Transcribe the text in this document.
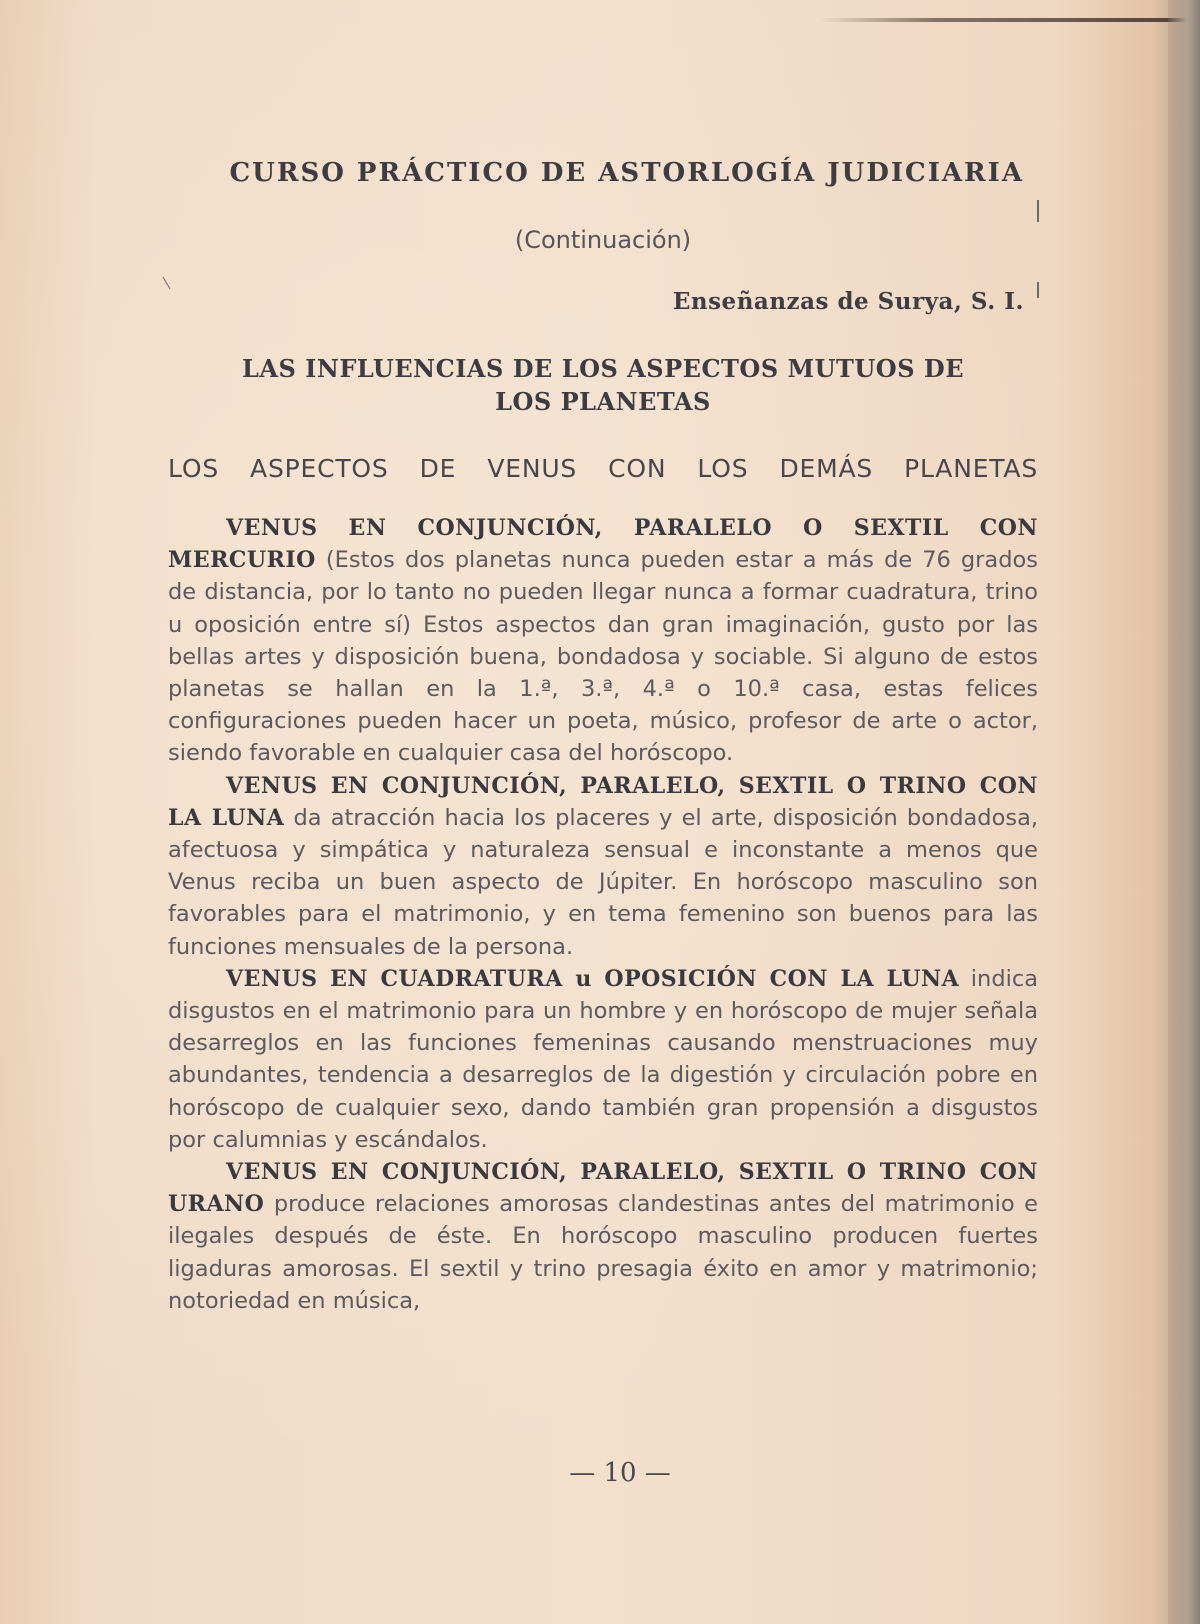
CURSO PRÁCTICO DE ASTORLOGÍA JUDICIARIA
(Continuación)
Enseñanzas de Surya, S. I.
LAS INFLUENCIAS DE LOS ASPECTOS MUTUOS DE
LOS PLANETAS
LOS ASPECTOS DE VENUS CON LOS DEMÁS PLANETAS

VENUS EN CONJUNCIÓN, PARALELO O SEXTIL CON MERCURIO (Estos dos planetas nunca pueden estar a más de 76 grados de distancia, por lo tanto no pueden llegar nunca a formar cuadratura, trino u oposición entre sí) Estos aspectos dan gran imaginación, gusto por las bellas artes y disposición buena, bondadosa y sociable. Si alguno de estos planetas se hallan en la 1.ª, 3.ª, 4.ª o 10.ª casa, estas felices configuraciones pueden hacer un poeta, músico, profesor de arte o actor, siendo favorable en cualquier casa del horóscopo.

VENUS EN CONJUNCIÓN, PARALELO, SEXTIL O TRINO CON LA LUNA da atracción hacia los placeres y el arte, disposición bondadosa, afectuosa y simpática y naturaleza sensual e inconstante a menos que Venus reciba un buen aspecto de Júpiter. En horóscopo masculino son favorables para el matrimonio, y en tema femenino son buenos para las funciones mensuales de la persona.

VENUS EN CUADRATURA u OPOSICIÓN CON LA LUNA indica disgustos en el matrimonio para un hombre y en horóscopo de mujer señala desarreglos en las funciones femeninas causando menstruaciones muy abundantes, tendencia a desarreglos de la digestión y circulación pobre en horóscopo de cualquier sexo, dando también gran propensión a disgustos por calumnias y escándalos.

VENUS EN CONJUNCIÓN, PARALELO, SEXTIL O TRINO CON URANO produce relaciones amorosas clandestinas antes del matrimonio e ilegales después de éste. En horóscopo masculino producen fuertes ligaduras amorosas. El sextil y trino presagia éxito en amor y matrimonio; notoriedad en música,

— 10 —
